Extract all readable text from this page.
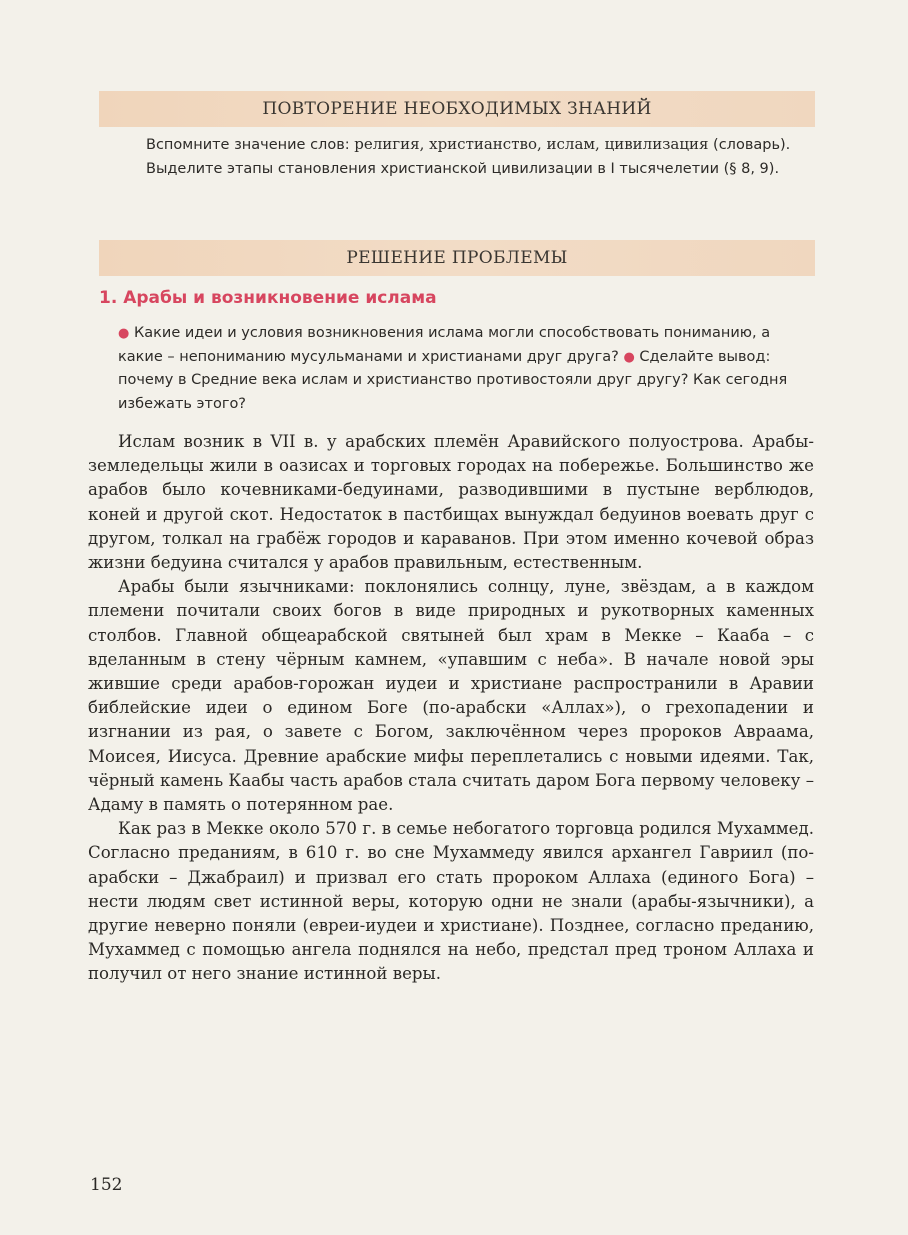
ПОВТОРЕНИЕ НЕОБХОДИМЫХ ЗНАНИЙ

Вспомните значение слов: религия, христианство, ислам, цивилизация (словарь).

Выделите этапы становления христианской цивилизации в I тысячелетии (§ 8, 9).

РЕШЕНИЕ ПРОБЛЕМЫ
1. Арабы и возникновение ислама

● Какие идеи и условия возникновения ислама могли способствовать пониманию, а какие – непониманию мусульманами и христианами друг друга? ● Сделайте вывод: почему в Средние века ислам и христианство противостояли друг другу? Как сегодня избежать этого?

Ислам возник в VII в. у арабских племён Аравийского полуострова. Арабы-земледельцы жили в оазисах и торговых городах на побережье. Большинство же арабов было кочевниками-бедуинами, разводившими в пустыне верблюдов, коней и другой скот. Недостаток в пастбищах вынуждал бедуинов воевать друг с другом, толкал на грабёж городов и караванов. При этом именно кочевой образ жизни бедуина считался у арабов правильным, естественным.

Арабы были язычниками: поклонялись солнцу, луне, звёздам, а в каждом племени почитали своих богов в виде природных и рукотворных каменных столбов. Главной общеарабской святыней был храм в Мекке – Кааба – с вделанным в стену чёрным камнем, «упавшим с неба». В начале новой эры жившие среди арабов-горожан иудеи и христиане распространили в Аравии библейские идеи о едином Боге (по-арабски «Аллах»), о грехопадении и изгнании из рая, о завете с Богом, заключённом через пророков Авраама, Моисея, Иисуса. Древние арабские мифы переплетались с новыми идеями. Так, чёрный камень Каабы часть арабов стала считать даром Бога первому человеку – Адаму в память о потерянном рае.

Как раз в Мекке около 570 г. в семье небогатого торговца родился Мухаммед. Согласно преданиям, в 610 г. во сне Мухаммеду явился архангел Гавриил (по-арабски – Джабраил) и призвал его стать пророком Аллаха (единого Бога) – нести людям свет истинной веры, которую одни не знали (арабы-язычники), а другие неверно поняли (евреи-иудеи и христиане). Позднее, согласно преданию, Мухаммед с помощью ангела поднялся на небо, предстал пред троном Аллаха и получил от него знание истинной веры.

152
